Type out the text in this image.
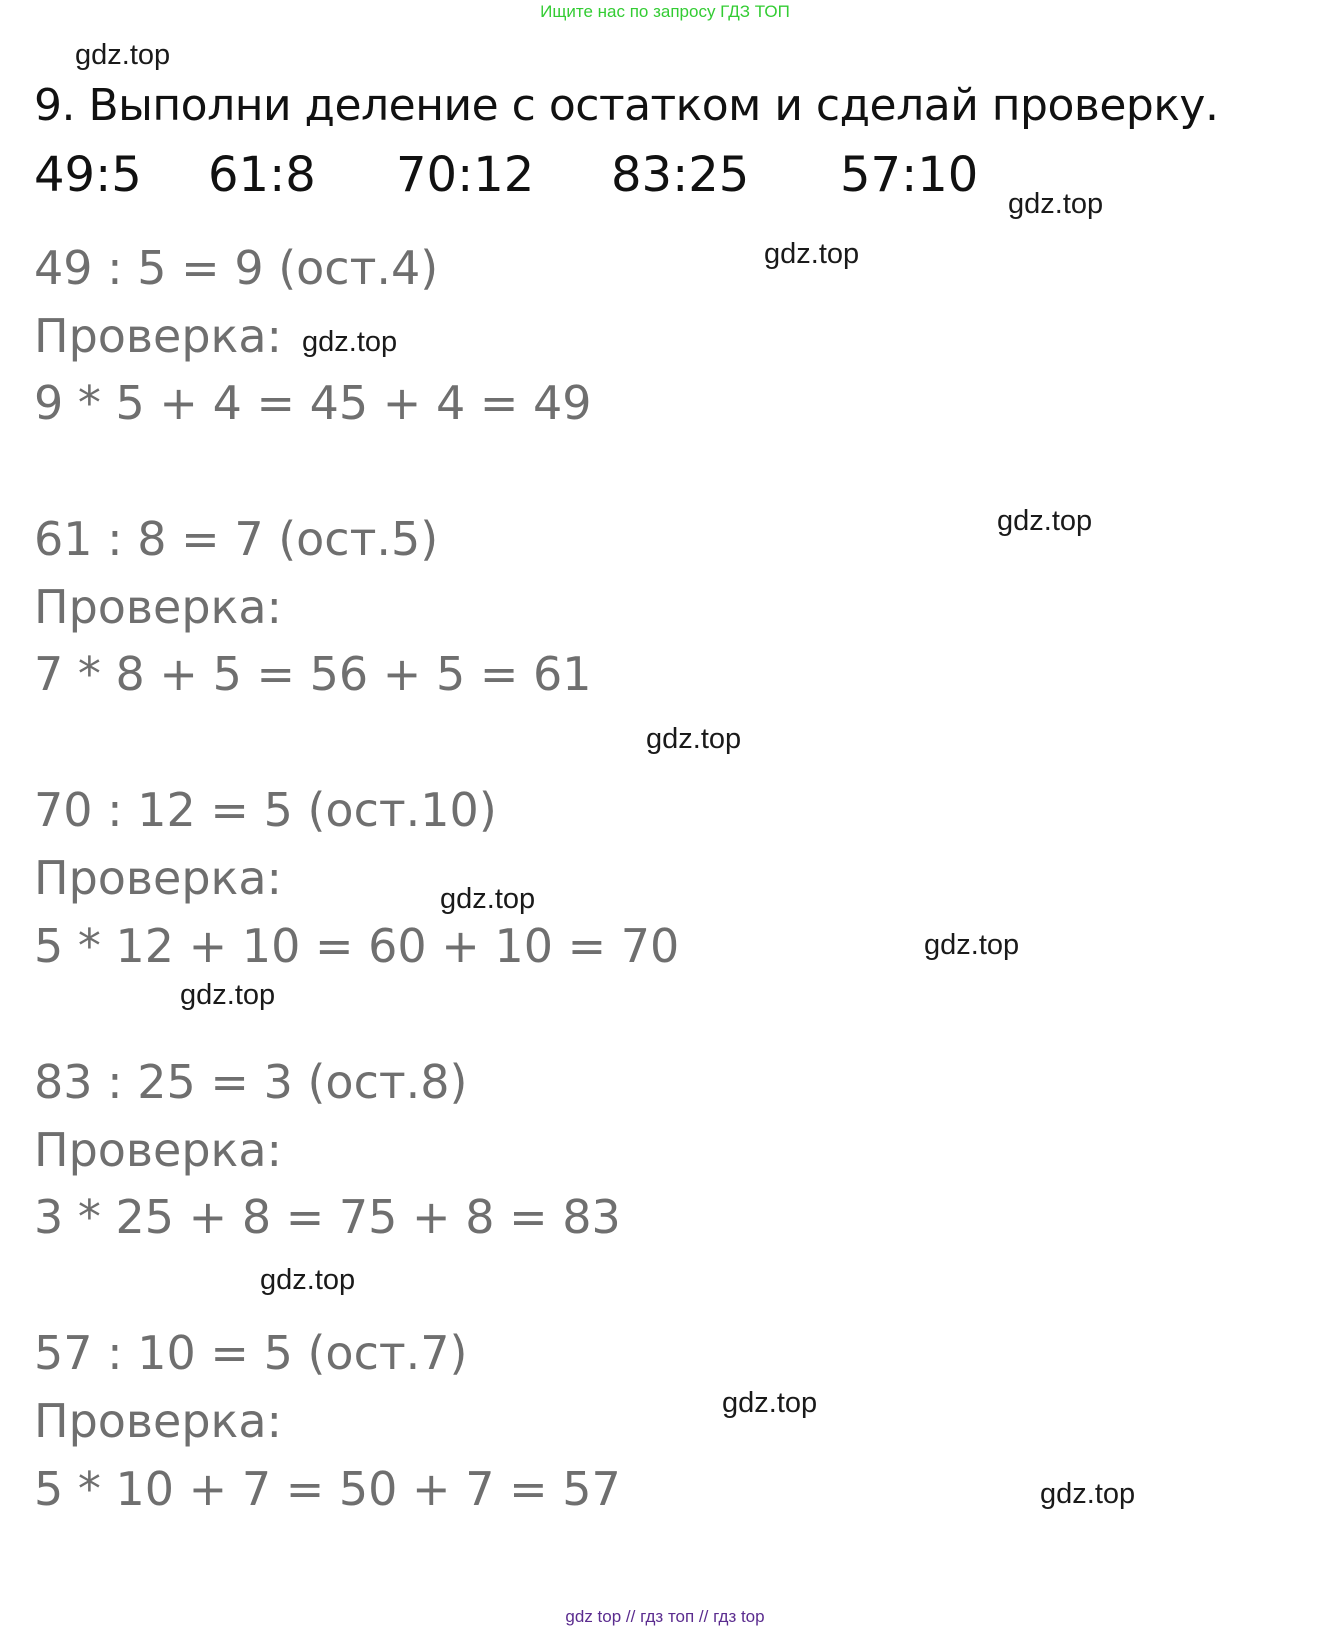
Ищите нас по запросу ГДЗ ТОП
gdz.top
9. Выполни деление с остатком и сделай проверку.
49:5 61:8 70:12 83:25 57:10
gdz.top
gdz.top
49 : 5 = 9 (ост.4)
Проверка: gdz.top
9 * 5 + 4 = 45 + 4 = 49
gdz.top
61 : 8 = 7 (ост.5)
Проверка:
7 * 8 + 5 = 56 + 5 = 61
gdz.top
70 : 12 = 5 (ост.10)
Проверка:	gdz.top
5 * 12 + 10 = 60 + 10 = 70	gdz.top
gdz.top
83 : 25 = 3 (ост.8)
Проверка:
3 * 25 + 8 = 75 + 8 = 83
gdz.top
57 : 10 = 5 (ост.7)
gdz.top
Проверка:
5 * 10 + 7 = 50 + 7 = 57	gdz.top
gdz top // гдз топ // гдз top
